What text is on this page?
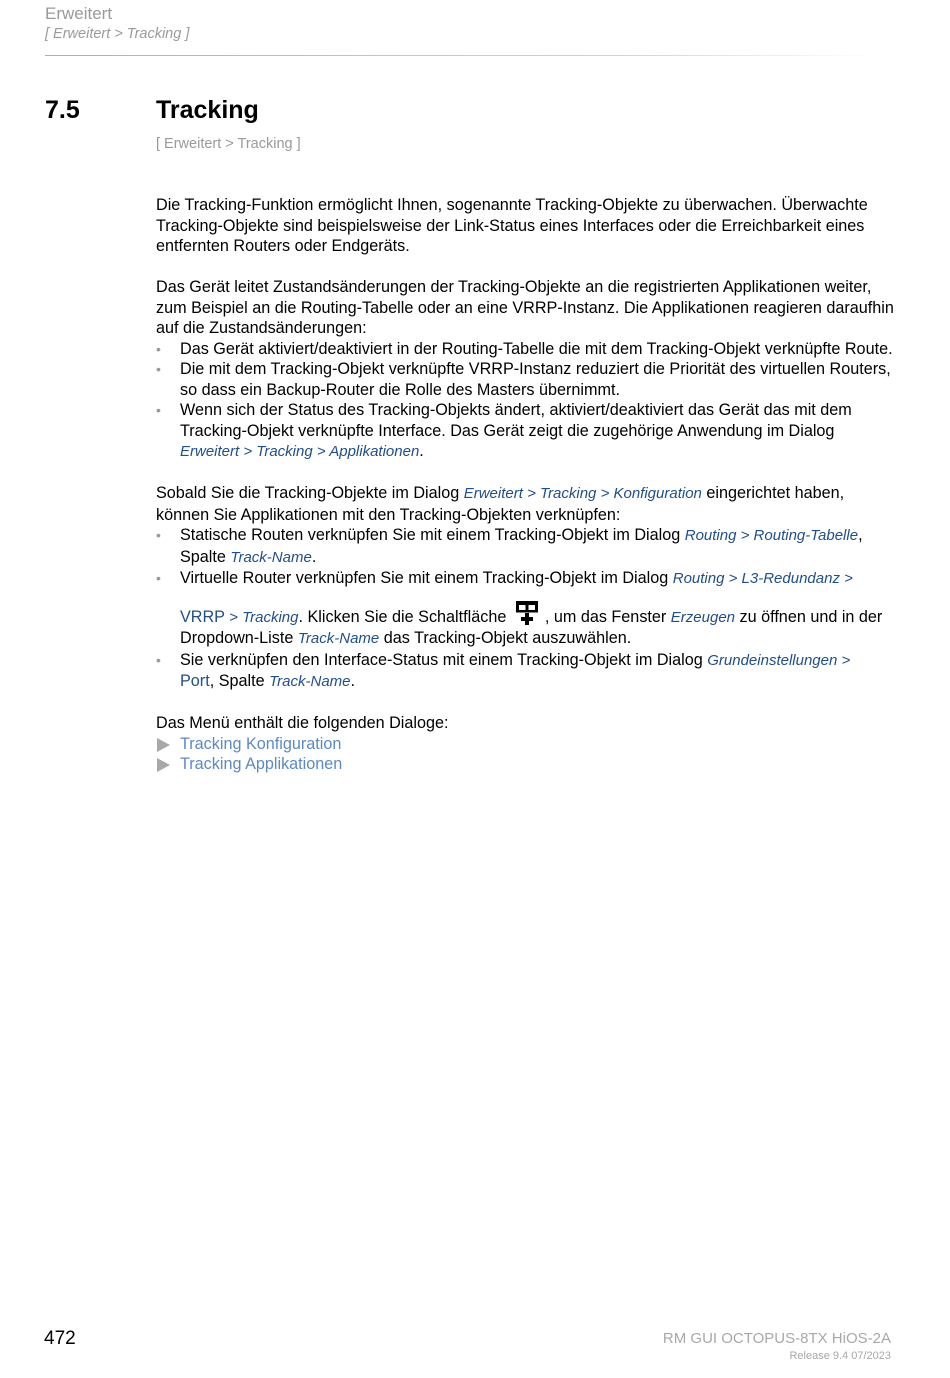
Erweitert
[ Erweitert > Tracking ]
7.5	Tracking
[ Erweitert > Tracking ]

Die Tracking-Funktion ermöglicht Ihnen, sogenannte Tracking-Objekte zu überwachen. Überwachte Tracking-Objekte sind beispielsweise der Link-Status eines Interfaces oder die Erreichbarkeit eines entfernten Routers oder Endgeräts.

Das Gerät leitet Zustandsänderungen der Tracking-Objekte an die registrierten Applikationen weiter, zum Beispiel an die Routing-Tabelle oder an eine VRRP-Instanz. Die Applikationen reagieren daraufhin auf die Zustandsänderungen:

• Das Gerät aktiviert/deaktiviert in der Routing-Tabelle die mit dem Tracking-Objekt verknüpfte Route.
• Die mit dem Tracking-Objekt verknüpfte VRRP-Instanz reduziert die Priorität des virtuellen Routers, so dass ein Backup-Router die Rolle des Masters übernimmt.
• Wenn sich der Status des Tracking-Objekts ändert, aktiviert/deaktiviert das Gerät das mit dem Tracking-Objekt verknüpfte Interface. Das Gerät zeigt die zugehörige Anwendung im Dialog Erweitert > Tracking > Applikationen.

Sobald Sie die Tracking-Objekte im Dialog Erweitert > Tracking > Konfiguration eingerichtet haben, können Sie Applikationen mit den Tracking-Objekten verknüpfen:

• Statische Routen verknüpfen Sie mit einem Tracking-Objekt im Dialog Routing > Routing-Tabelle, Spalte Track-Name.
• Virtuelle Router verknüpfen Sie mit einem Tracking-Objekt im Dialog Routing > L3-Redundanz >
VRRP > Tracking. Klicken Sie die Schaltfläche , um das Fenster Erzeugen zu öffnen und in der Dropdown-Liste Track-Name das Tracking-Objekt auszuwählen.
• Sie verknüpfen den Interface-Status mit einem Tracking-Objekt im Dialog Grundeinstellungen >
Port, Spalte Track-Name.

Das Menü enthält die folgenden Dialoge:

Tracking Konfiguration
Tracking Applikationen
472	RM GUI OCTOPUS-8TX HiOS-2A
Release 9.4 07/2023
